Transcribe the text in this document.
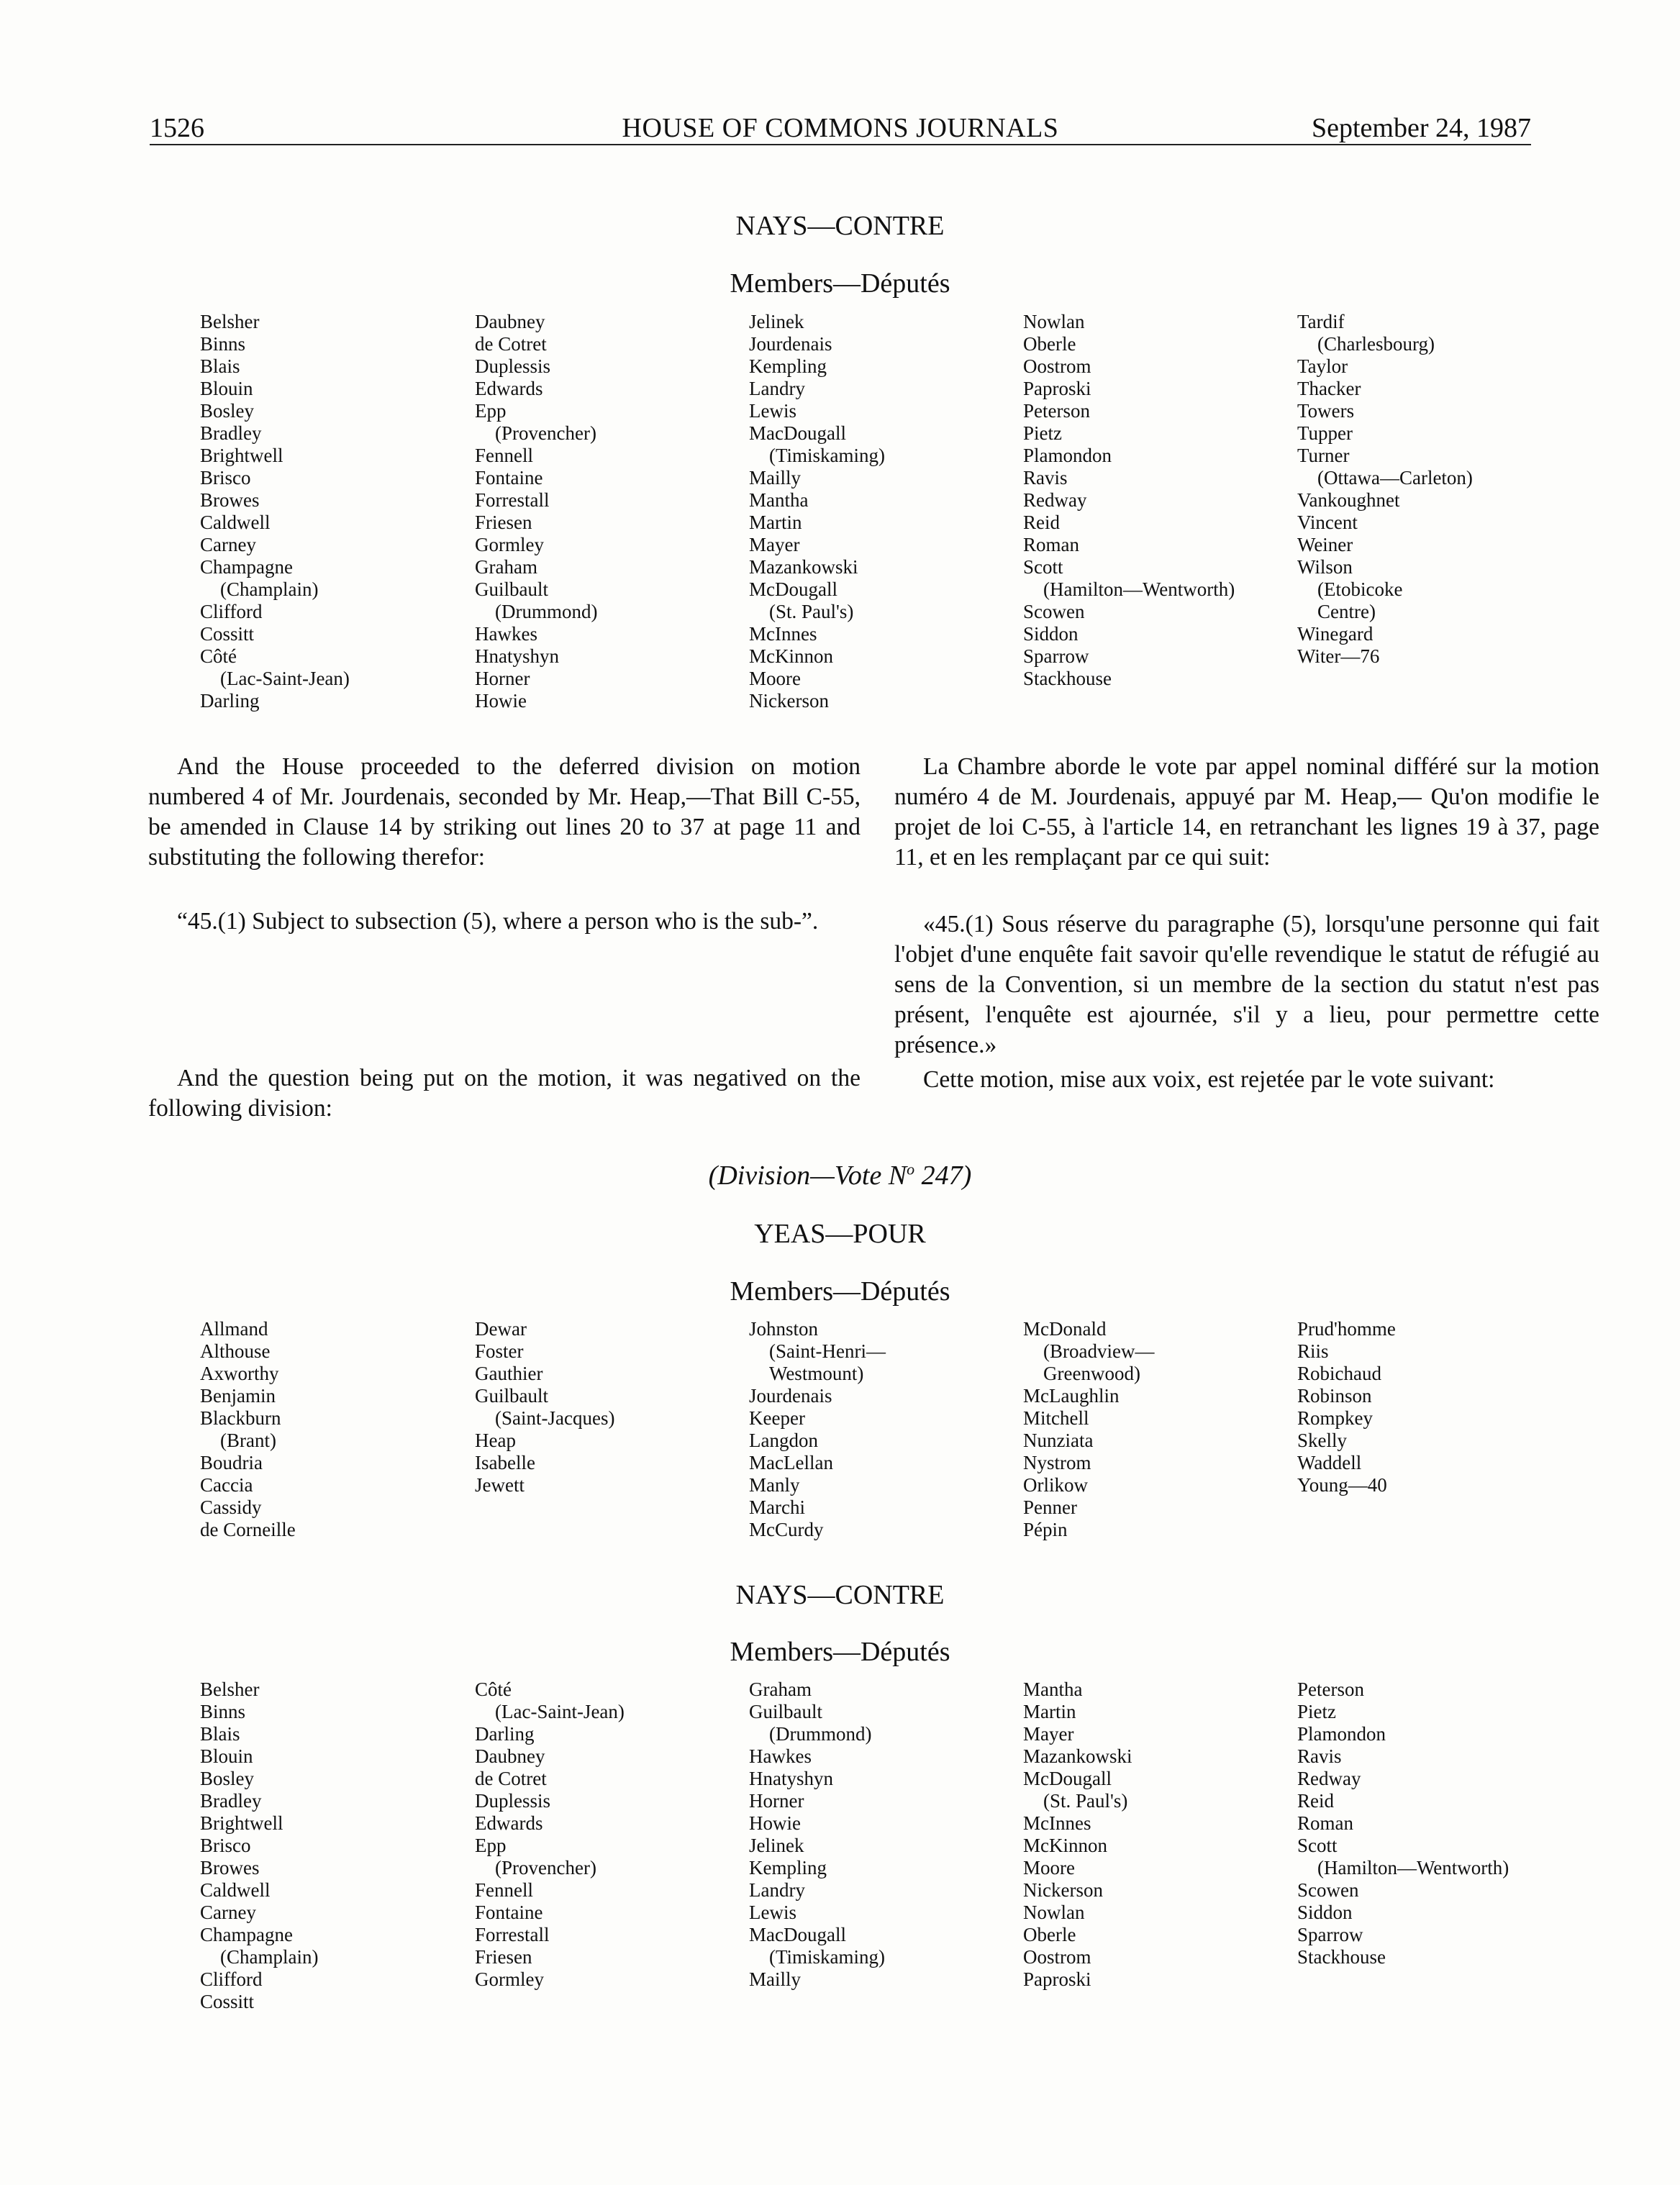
1526	HOUSE OF COMMONS JOURNALS	September 24, 1987
NAYS—CONTRE
Members—Députés
Belsher
Binns
Blais
Blouin
Bosley
Bradley
Brightwell
Brisco
Browes
Caldwell
Carney
Champagne
(Champlain)
Clifford
Cossitt
Côté
(Lac-Saint-Jean)
Darling
Daubney
de Cotret
Duplessis
Edwards
Epp
(Provencher)
Fennell
Fontaine
Forrestall
Friesen
Gormley
Graham
Guilbault
(Drummond)
Hawkes
Hnatyshyn
Horner
Howie
Jelinek
Jourdenais
Kempling
Landry
Lewis
MacDougall
(Timiskaming)
Mailly
Mantha
Martin
Mayer
Mazankowski
McDougall
(St. Paul's)
McInnes
McKinnon
Moore
Nickerson
Nowlan
Oberle
Oostrom
Paproski
Peterson
Pietz
Plamondon
Ravis
Redway
Reid
Roman
Scott
(Hamilton—Wentworth)
Scowen
Siddon
Sparrow
Stackhouse
Tardif
(Charlesbourg)
Taylor
Thacker
Towers
Tupper
Turner
(Ottawa—Carleton)
Vankoughnet
Vincent
Weiner
Wilson
(Etobicoke
Centre)
Winegard
Witer—76
And the House proceeded to the deferred division on motion numbered 4 of Mr. Jourdenais, seconded by Mr. Heap,—That Bill C-55, be amended in Clause 14 by striking out lines 20 to 37 at page 11 and substituting the following therefor:
“45.(1) Subject to subsection (5), where a person who is the sub-”.
And the question being put on the motion, it was negatived on the following division:
La Chambre aborde le vote par appel nominal différé sur la motion numéro 4 de M. Jourdenais, appuyé par M. Heap,— Qu'on modifie le projet de loi C-55, à l'article 14, en retranchant les lignes 19 à 37, page 11, et en les remplaçant par ce qui suit:
«45.(1) Sous réserve du paragraphe (5), lorsqu'une personne qui fait l'objet d'une enquête fait savoir qu'elle revendique le statut de réfugié au sens de la Convention, si un membre de la section du statut n'est pas présent, l'enquête est ajournée, s'il y a lieu, pour permettre cette présence.»
Cette motion, mise aux voix, est rejetée par le vote suivant:
(Division—Vote $N^o$ 247)
YEAS—POUR
Members—Députés
Allmand
Althouse
Axworthy
Benjamin
Blackburn
(Brant)
Boudria
Caccia
Cassidy
de Corneille
Dewar
Foster
Gauthier
Guilbault
(Saint-Jacques)
Heap
Isabelle
Jewett
Johnston
(Saint-Henri—
Westmount)
Jourdenais
Keeper
Langdon
MacLellan
Manly
Marchi
McCurdy
McDonald
(Broadview—
Greenwood)
McLaughlin
Mitchell
Nunziata
Nystrom
Orlikow
Penner
Pépin
Prud'homme
Riis
Robichaud
Robinson
Rompkey
Skelly
Waddell
Young—40
NAYS—CONTRE
Members—Députés
Belsher
Binns
Blais
Blouin
Bosley
Bradley
Brightwell
Brisco
Browes
Caldwell
Carney
Champagne
(Champlain)
Clifford
Cossitt
Côté
(Lac-Saint-Jean)
Darling
Daubney
de Cotret
Duplessis
Edwards
Epp
(Provencher)
Fennell
Fontaine
Forrestall
Friesen
Gormley
Graham
Guilbault
(Drummond)
Hawkes
Hnatyshyn
Horner
Howie
Jelinek
Kempling
Landry
Lewis
MacDougall
(Timiskaming)
Mailly
Mantha
Martin
Mayer
Mazankowski
McDougall
(St. Paul's)
McInnes
McKinnon
Moore
Nickerson
Nowlan
Oberle
Oostrom
Paproski
Peterson
Pietz
Plamondon
Ravis
Redway
Reid
Roman
Scott
(Hamilton—Wentworth)
Scowen
Siddon
Sparrow
Stackhouse
